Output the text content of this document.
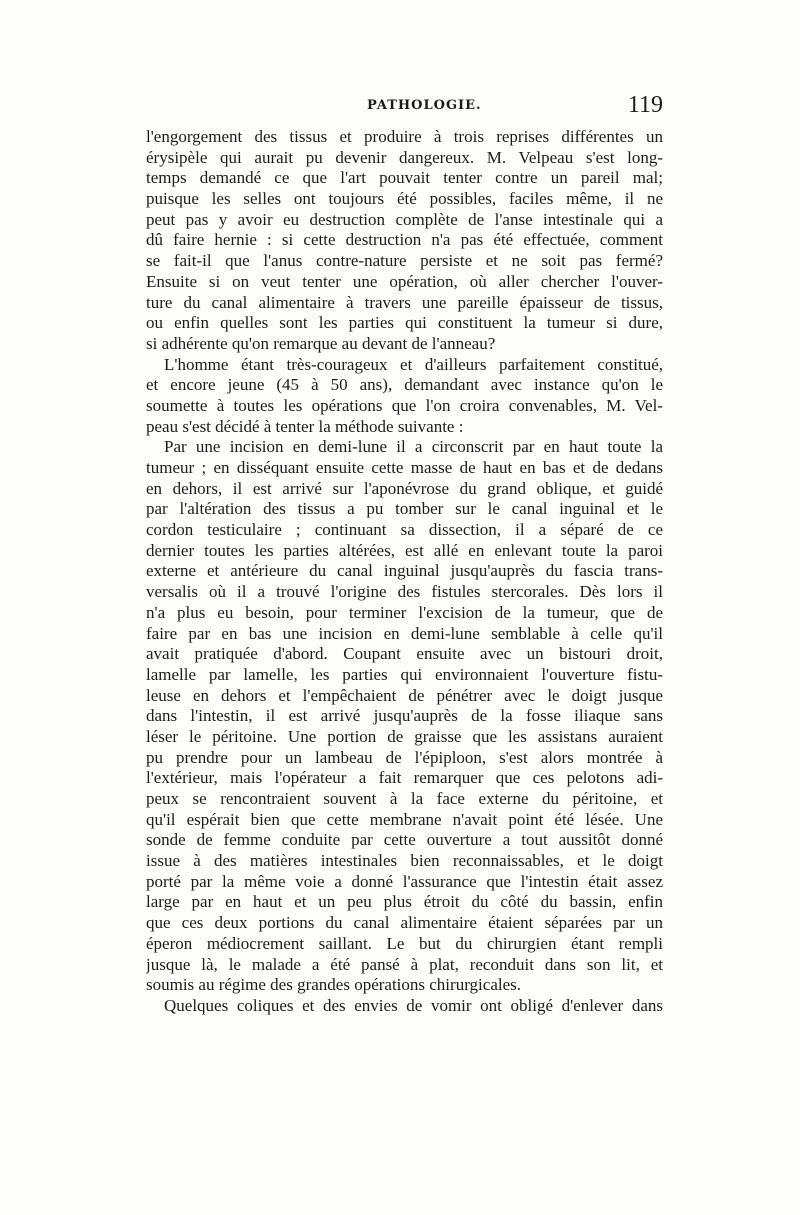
PATHOLOGIE.	119
l'engorgement des tissus et produire à trois reprises différentes un
érysipèle qui aurait pu devenir dangereux. M. Velpeau s'est long-
temps demandé ce que l'art pouvait tenter contre un pareil mal;
puisque les selles ont toujours été possibles, faciles même, il ne
peut pas y avoir eu destruction complète de l'anse intestinale qui a
dû faire hernie : si cette destruction n'a pas été effectuée, comment
se fait-il que l'anus contre-nature persiste et ne soit pas fermé?
Ensuite si on veut tenter une opération, où aller chercher l'ouver-
ture du canal alimentaire à travers une pareille épaisseur de tissus,
ou enfin quelles sont les parties qui constituent la tumeur si dure,
si adhérente qu'on remarque au devant de l'anneau?
L'homme étant très-courageux et d'ailleurs parfaitement constitué,
et encore jeune (45 à 50 ans), demandant avec instance qu'on le
soumette à toutes les opérations que l'on croira convenables, M. Vel-
peau s'est décidé à tenter la méthode suivante :
Par une incision en demi-lune il a circonscrit par en haut toute la
tumeur ; en disséquant ensuite cette masse de haut en bas et de dedans
en dehors, il est arrivé sur l'aponévrose du grand oblique, et guidé
par l'altération des tissus a pu tomber sur le canal inguinal et le
cordon testiculaire ; continuant sa dissection, il a séparé de ce
dernier toutes les parties altérées, est allé en enlevant toute la paroi
externe et antérieure du canal inguinal jusqu'auprès du fascia trans-
versalis où il a trouvé l'origine des fistules stercorales. Dès lors il
n'a plus eu besoin, pour terminer l'excision de la tumeur, que de
faire par en bas une incision en demi-lune semblable à celle qu'il
avait pratiquée d'abord. Coupant ensuite avec un bistouri droit,
lamelle par lamelle, les parties qui environnaient l'ouverture fistu-
leuse en dehors et l'empêchaient de pénétrer avec le doigt jusque
dans l'intestin, il est arrivé jusqu'auprès de la fosse iliaque sans
léser le péritoine. Une portion de graisse que les assistans auraient
pu prendre pour un lambeau de l'épiploon, s'est alors montrée à
l'extérieur, mais l'opérateur a fait remarquer que ces pelotons adi-
peux se rencontraient souvent à la face externe du péritoine, et
qu'il espérait bien que cette membrane n'avait point été lésée. Une
sonde de femme conduite par cette ouverture a tout aussitôt donné
issue à des matières intestinales bien reconnaissables, et le doigt
porté par la même voie a donné l'assurance que l'intestin était assez
large par en haut et un peu plus étroit du côté du bassin, enfin
que ces deux portions du canal alimentaire étaient séparées par un
éperon médiocrement saillant. Le but du chirurgien étant rempli
jusque là, le malade a été pansé à plat, reconduit dans son lit, et
soumis au régime des grandes opérations chirurgicales.
Quelques coliques et des envies de vomir ont obligé d'enlever dans
